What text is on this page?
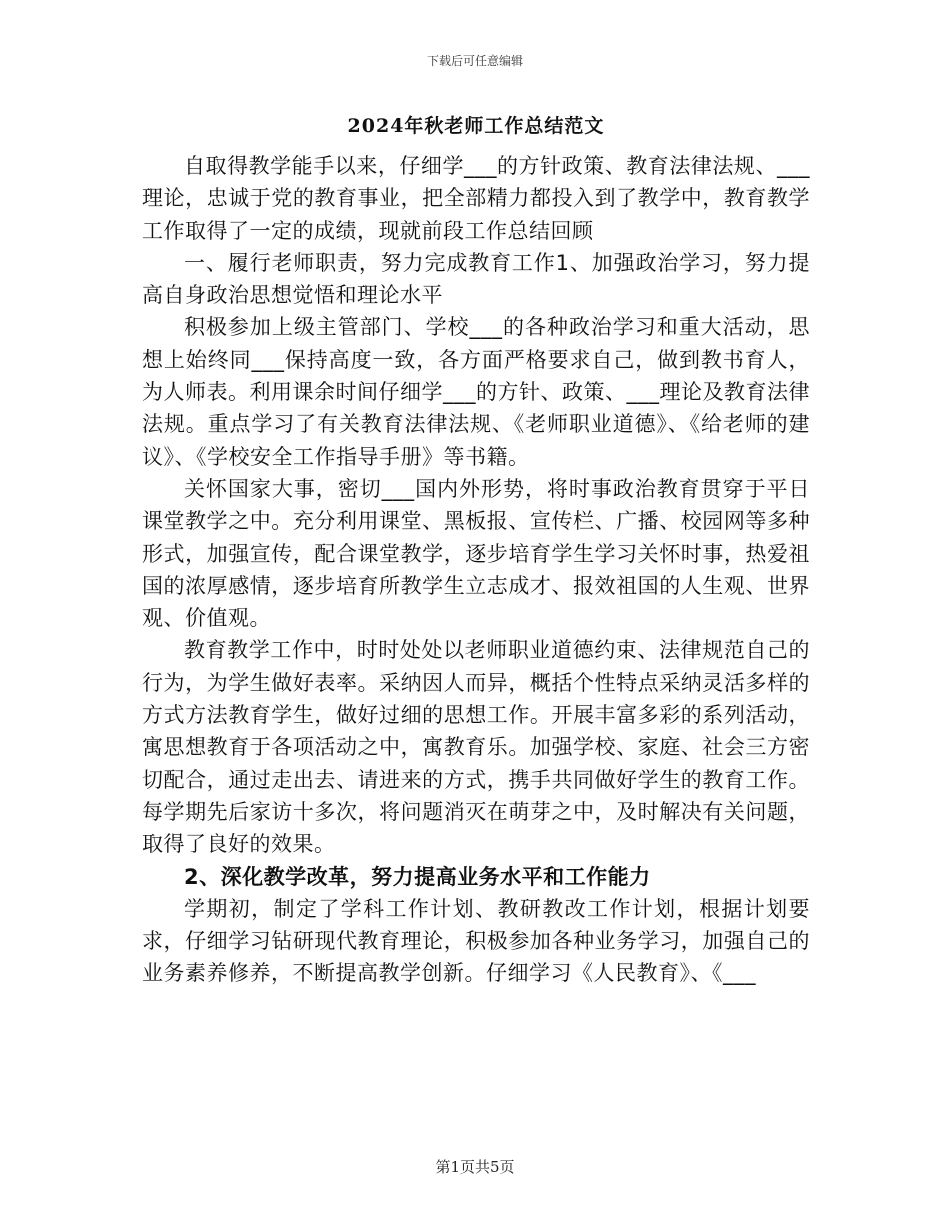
下载后可任意编辑
2024年秋老师工作总结范文

自取得教学能手以来，仔细学___的方针政策、教育法律法规、___理论，忠诚于党的教育事业，把全部精力都投入到了教学中，教育教学工作取得了一定的成绩，现就前段工作总结回顾

一、履行老师职责，努力完成教育工作1、加强政治学习，努力提高自身政治思想觉悟和理论水平

积极参加上级主管部门、学校___的各种政治学习和重大活动，思想上始终同___保持高度一致，各方面严格要求自己，做到教书育人，为人师表。利用课余时间仔细学___的方针、政策、___理论及教育法律法规。重点学习了有关教育法律法规、《老师职业道德》、《给老师的建议》、《学校安全工作指导手册》等书籍。

关怀国家大事，密切___国内外形势，将时事政治教育贯穿于平日课堂教学之中。充分利用课堂、黑板报、宣传栏、广播、校园网等多种形式，加强宣传，配合课堂教学，逐步培育学生学习关怀时事，热爱祖国的浓厚感情，逐步培育所教学生立志成才、报效祖国的人生观、世界观、价值观。

教育教学工作中，时时处处以老师职业道德约束、法律规范自己的行为，为学生做好表率。采纳因人而异，概括个性特点采纳灵活多样的方式方法教育学生，做好过细的思想工作。开展丰富多彩的系列活动，寓思想教育于各项活动之中，寓教育乐。加强学校、家庭、社会三方密切配合，通过走出去、请进来的方式，携手共同做好学生的教育工作。每学期先后家访十多次，将问题消灭在萌芽之中，及时解决有关问题，取得了良好的效果。

2、深化教学改革，努力提高业务水平和工作能力

学期初，制定了学科工作计划、教研教改工作计划，根据计划要求，仔细学习钻研现代教育理论，积极参加各种业务学习，加强自己的业务素养修养，不断提高教学创新。仔细学习《人民教育》、《___

第1页共5页
